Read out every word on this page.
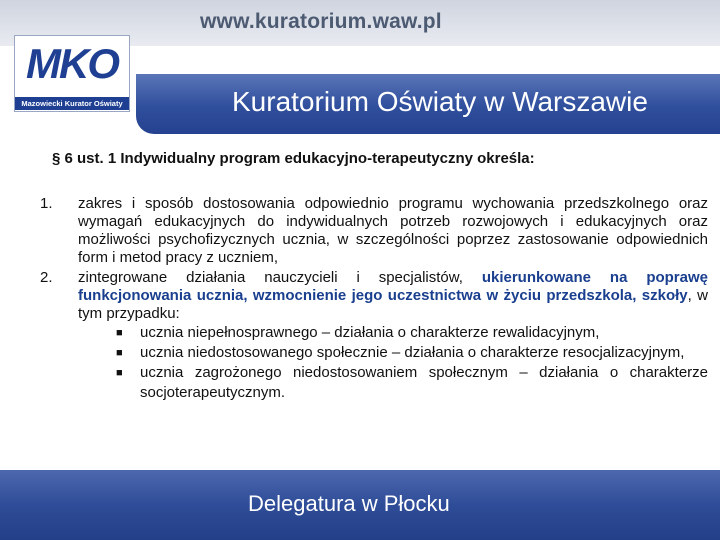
www.kuratorium.waw.pl
MKO
Mazowiecki Kurator Oświaty	Kuratorium Oświaty w Warszawie
§ 6 ust. 1 Indywidualny program edukacyjno-terapeutyczny określa:
1. zakres i sposób dostosowania odpowiednio programu wychowania przedszkolnego oraz wymagań edukacyjnych do indywidualnych potrzeb rozwojowych i edukacyjnych oraz możliwości psychofizycznych ucznia, w szczególności poprzez zastosowanie odpowiednich form i metod pracy z uczniem,
2. zintegrowane działania nauczycieli i specjalistów, ukierunkowane na poprawę funkcjonowania ucznia, wzmocnienie jego uczestnictwa w życiu przedszkola, szkoły, w tym przypadku:
■ ucznia niepełnosprawnego – działania o charakterze rewalidacyjnym,
■ ucznia niedostosowanego społecznie – działania o charakterze resocjalizacyjnym,
■ ucznia zagrożonego niedostosowaniem społecznym – działania o charakterze socjoterapeutycznym.
Delegatura w Płocku
